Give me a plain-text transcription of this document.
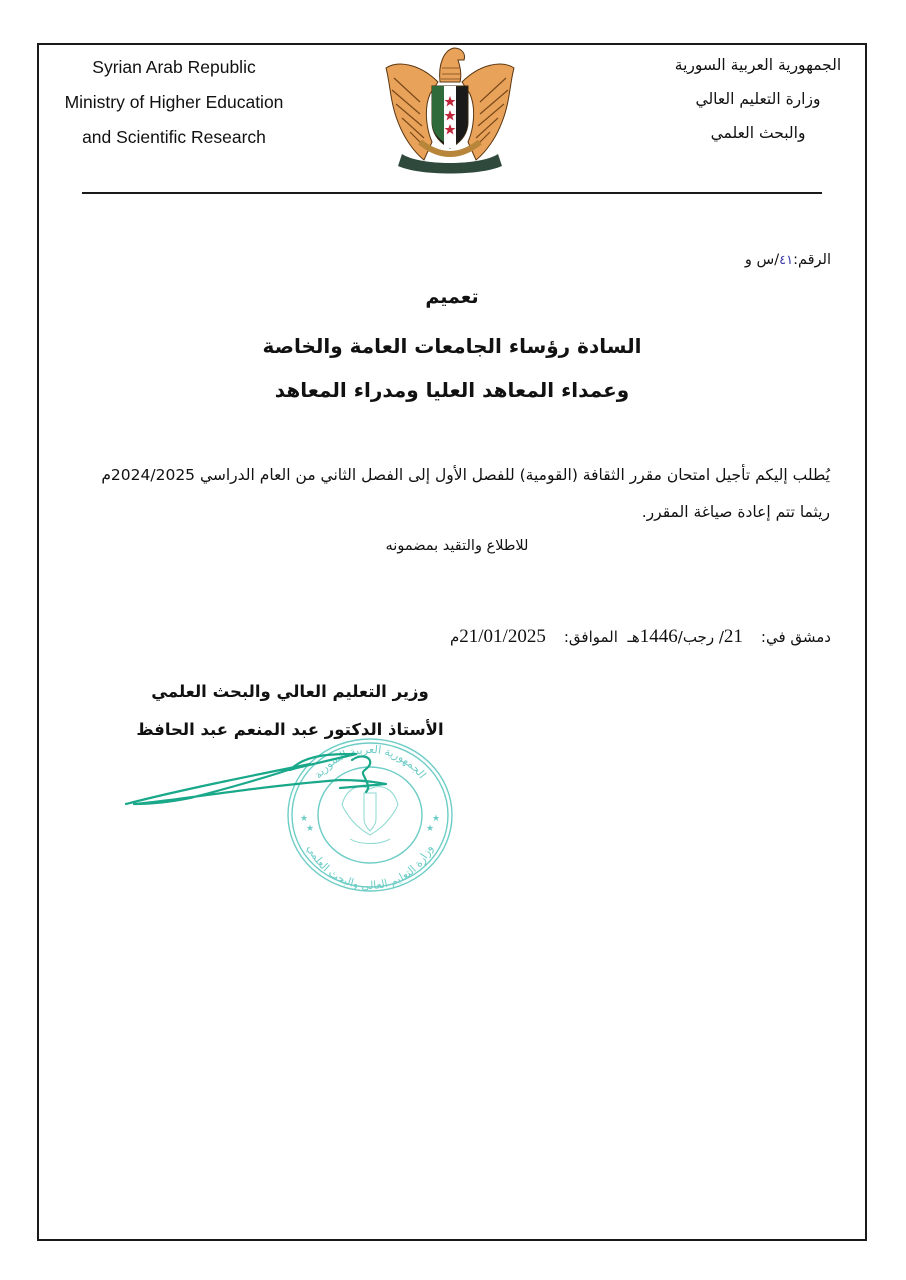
Syrian Arab Republic
Ministry of Higher Education
and Scientific Research
الجمهورية العربية السورية
وزارة التعليم العالي
والبحث العلمي
الرقم:٤١/س و
تعميم
السادة رؤساء الجامعات العامة والخاصة
وعمداء المعاهد العليا ومدراء المعاهد
يُطلب إليكم تأجيل امتحان مقرر الثقافة (القومية) للفصل الأول إلى الفصل الثاني من العام الدراسي 2024/2025م
ريثما تتم إعادة صياغة المقرر.
للاطلاع والتقيد بمضمونه
دمشق في:21/ رجب/1446هـ  الموافق:21/01/2025م
الجمهورية العربية السورية
وزارة التعليم العالي والبحث العلمي
★
★
★
★
وزير التعليم العالي والبحث العلمي
الأستاذ الدكتور عبد المنعم عبد الحافظ
